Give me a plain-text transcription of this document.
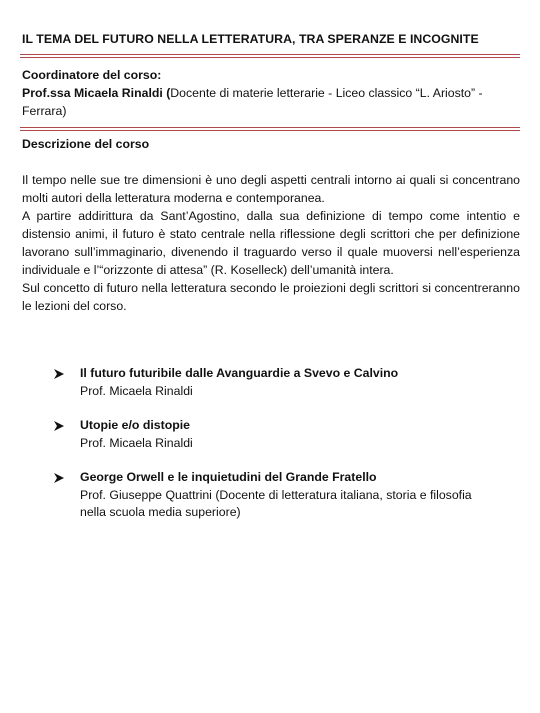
IL TEMA DEL FUTURO NELLA LETTERATURA, TRA SPERANZE E INCOGNITE
Coordinatore del corso:
Prof.ssa Micaela Rinaldi (Docente di materie letterarie - Liceo classico “L. Ariosto” - Ferrara)
Descrizione del corso

Il tempo nelle sue tre dimensioni è uno degli aspetti centrali intorno ai quali si concentrano molti autori della letteratura moderna e contemporanea.

A partire addirittura da Sant’Agostino, dalla sua definizione di tempo come intentio e distensio animi, il futuro è stato centrale nella riflessione degli scrittori che per definizione lavorano sull’immaginario, divenendo il traguardo verso il quale muoversi nell’esperienza individuale e l’“orizzonte di attesa” (R. Koselleck) dell’umanità intera.

Sul concetto di futuro nella letteratura secondo le proiezioni degli scrittori si concentreranno le lezioni del corso.

Il futuro futuribile dalle Avanguardie a Svevo e Calvino
Prof. Micaela Rinaldi
Utopie e/o distopie
Prof. Micaela Rinaldi
George Orwell e le inquietudini del Grande Fratello
Prof. Giuseppe Quattrini (Docente di letteratura italiana, storia e filosofia nella scuola media superiore)
